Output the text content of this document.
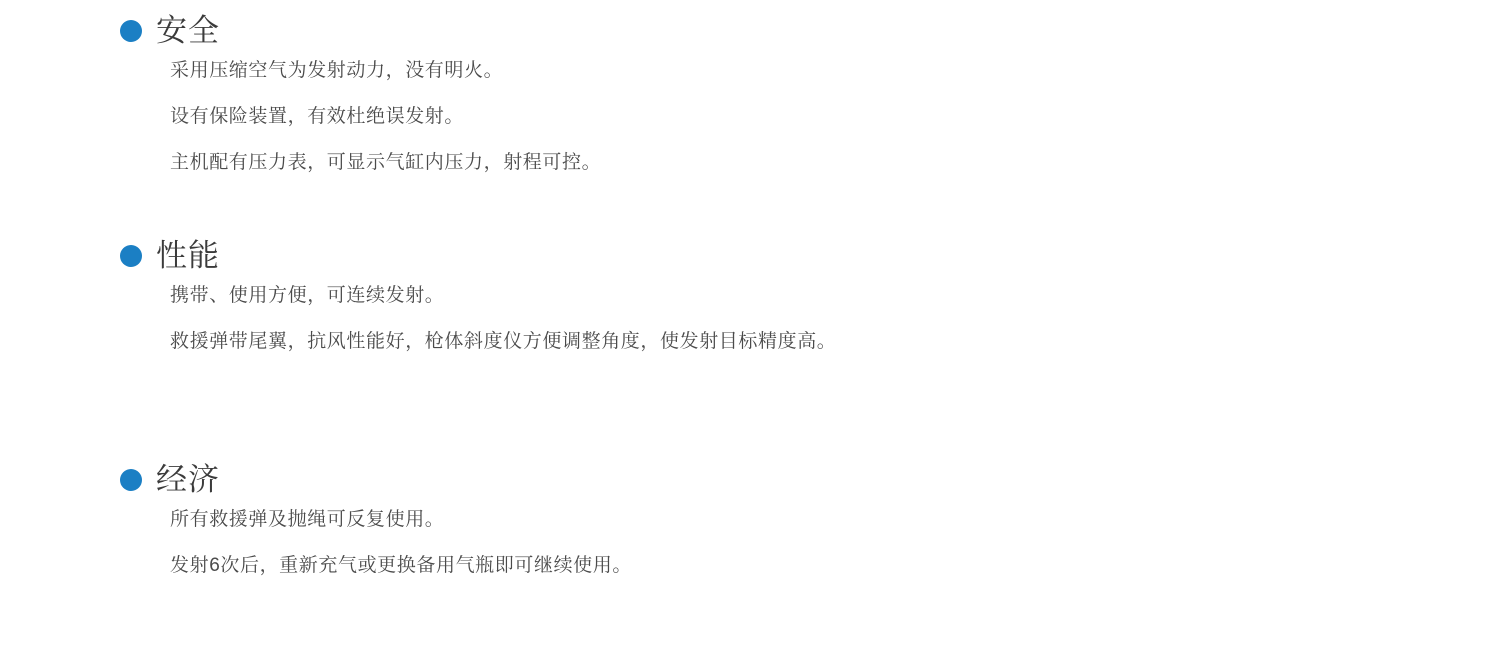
安全
采用压缩空气为发射动力，没有明火。
设有保险装置，有效杜绝误发射。
主机配有压力表，可显示气缸内压力，射程可控。
性能
携带、使用方便，可连续发射。
救援弹带尾翼，抗风性能好，枪体斜度仪方便调整角度，使发射目标精度高。
经济
所有救援弹及抛绳可反复使用。
发射6次后，重新充气或更换备用气瓶即可继续使用。
